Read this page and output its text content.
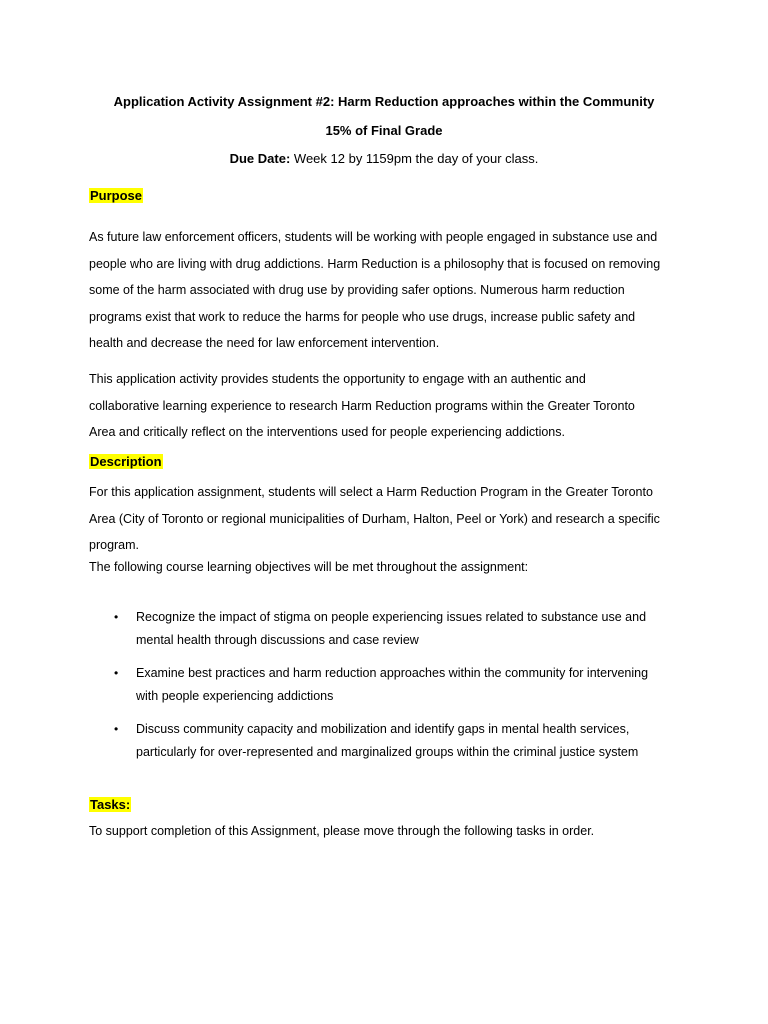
Application Activity Assignment #2: Harm Reduction approaches within the Community
15% of Final Grade
Due Date: Week 12 by 1159pm the day of your class.
Purpose
As future law enforcement officers, students will be working with people engaged in substance use and
people who are living with drug addictions. Harm Reduction is a philosophy that is focused on removing
some of the harm associated with drug use by providing safer options. Numerous harm reduction
programs exist that work to reduce the harms for people who use drugs, increase public safety and
health and decrease the need for law enforcement intervention.
This application activity provides students the opportunity to engage with an authentic and
collaborative learning experience to research Harm Reduction programs within the Greater Toronto
Area and critically reflect on the interventions used for people experiencing addictions.
Description
For this application assignment, students will select a Harm Reduction Program in the Greater Toronto
Area (City of Toronto or regional municipalities of Durham, Halton, Peel or York) and research a specific
program.
The following course learning objectives will be met throughout the assignment:
• Recognize the impact of stigma on people experiencing issues related to substance use and
mental health through discussions and case review
• Examine best practices and harm reduction approaches within the community for intervening
with people experiencing addictions
• Discuss community capacity and mobilization and identify gaps in mental health services,
particularly for over-represented and marginalized groups within the criminal justice system
Tasks:
To support completion of this Assignment, please move through the following tasks in order.
